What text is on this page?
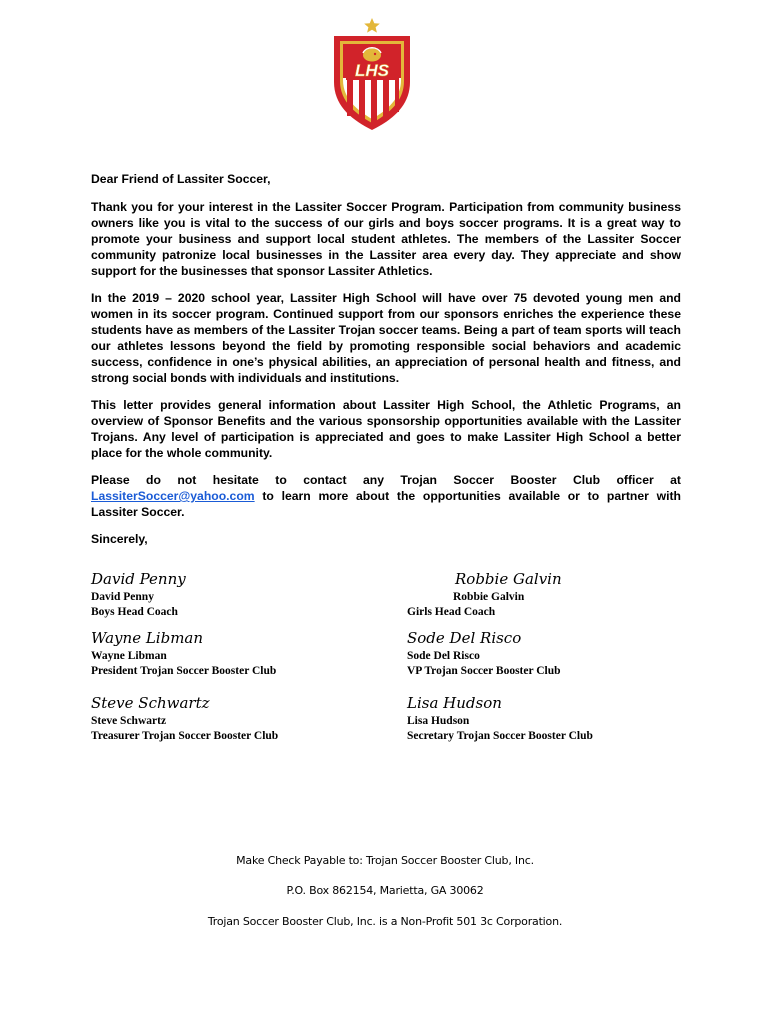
LHS

Dear Friend of Lassiter Soccer,

Thank you for your interest in the Lassiter Soccer Program. Participation from community business owners like you is vital to the success of our girls and boys soccer programs. It is a great way to promote your business and support local student athletes. The members of the Lassiter Soccer community patronize local businesses in the Lassiter area every day. They appreciate and show support for the businesses that sponsor Lassiter Athletics.

In the 2019 – 2020 school year, Lassiter High School will have over 75 devoted young men and women in its soccer program. Continued support from our sponsors enriches the experience these students have as members of the Lassiter Trojan soccer teams. Being a part of team sports will teach our athletes lessons beyond the field by promoting responsible social behaviors and academic success, confidence in one’s physical abilities, an appreciation of personal health and fitness, and strong social bonds with individuals and institutions.

This letter provides general information about Lassiter High School, the Athletic Programs, an overview of Sponsor Benefits and the various sponsorship opportunities available with the Lassiter Trojans. Any level of participation is appreciated and goes to make Lassiter High School a better place for the whole community.

Please do not hesitate to contact any Trojan Soccer Booster Club officer at LassiterSoccer@yahoo.com to learn more about the opportunities available or to partner with Lassiter Soccer.

Sincerely,

David Penny
David Penny
Boys Head Coach
Robbie Galvin
Robbie Galvin
Girls Head Coach
Wayne Libman
Wayne Libman
President Trojan Soccer Booster Club
Sode Del Risco
Sode Del Risco
VP Trojan Soccer Booster Club
Steve Schwartz
Steve Schwartz
Treasurer Trojan Soccer Booster Club
Lisa Hudson
Lisa Hudson
Secretary Trojan Soccer Booster Club
Make Check Payable to: Trojan Soccer Booster Club, Inc.
P.O. Box 862154, Marietta, GA 30062
Trojan Soccer Booster Club, Inc. is a Non-Profit 501 3c Corporation.
